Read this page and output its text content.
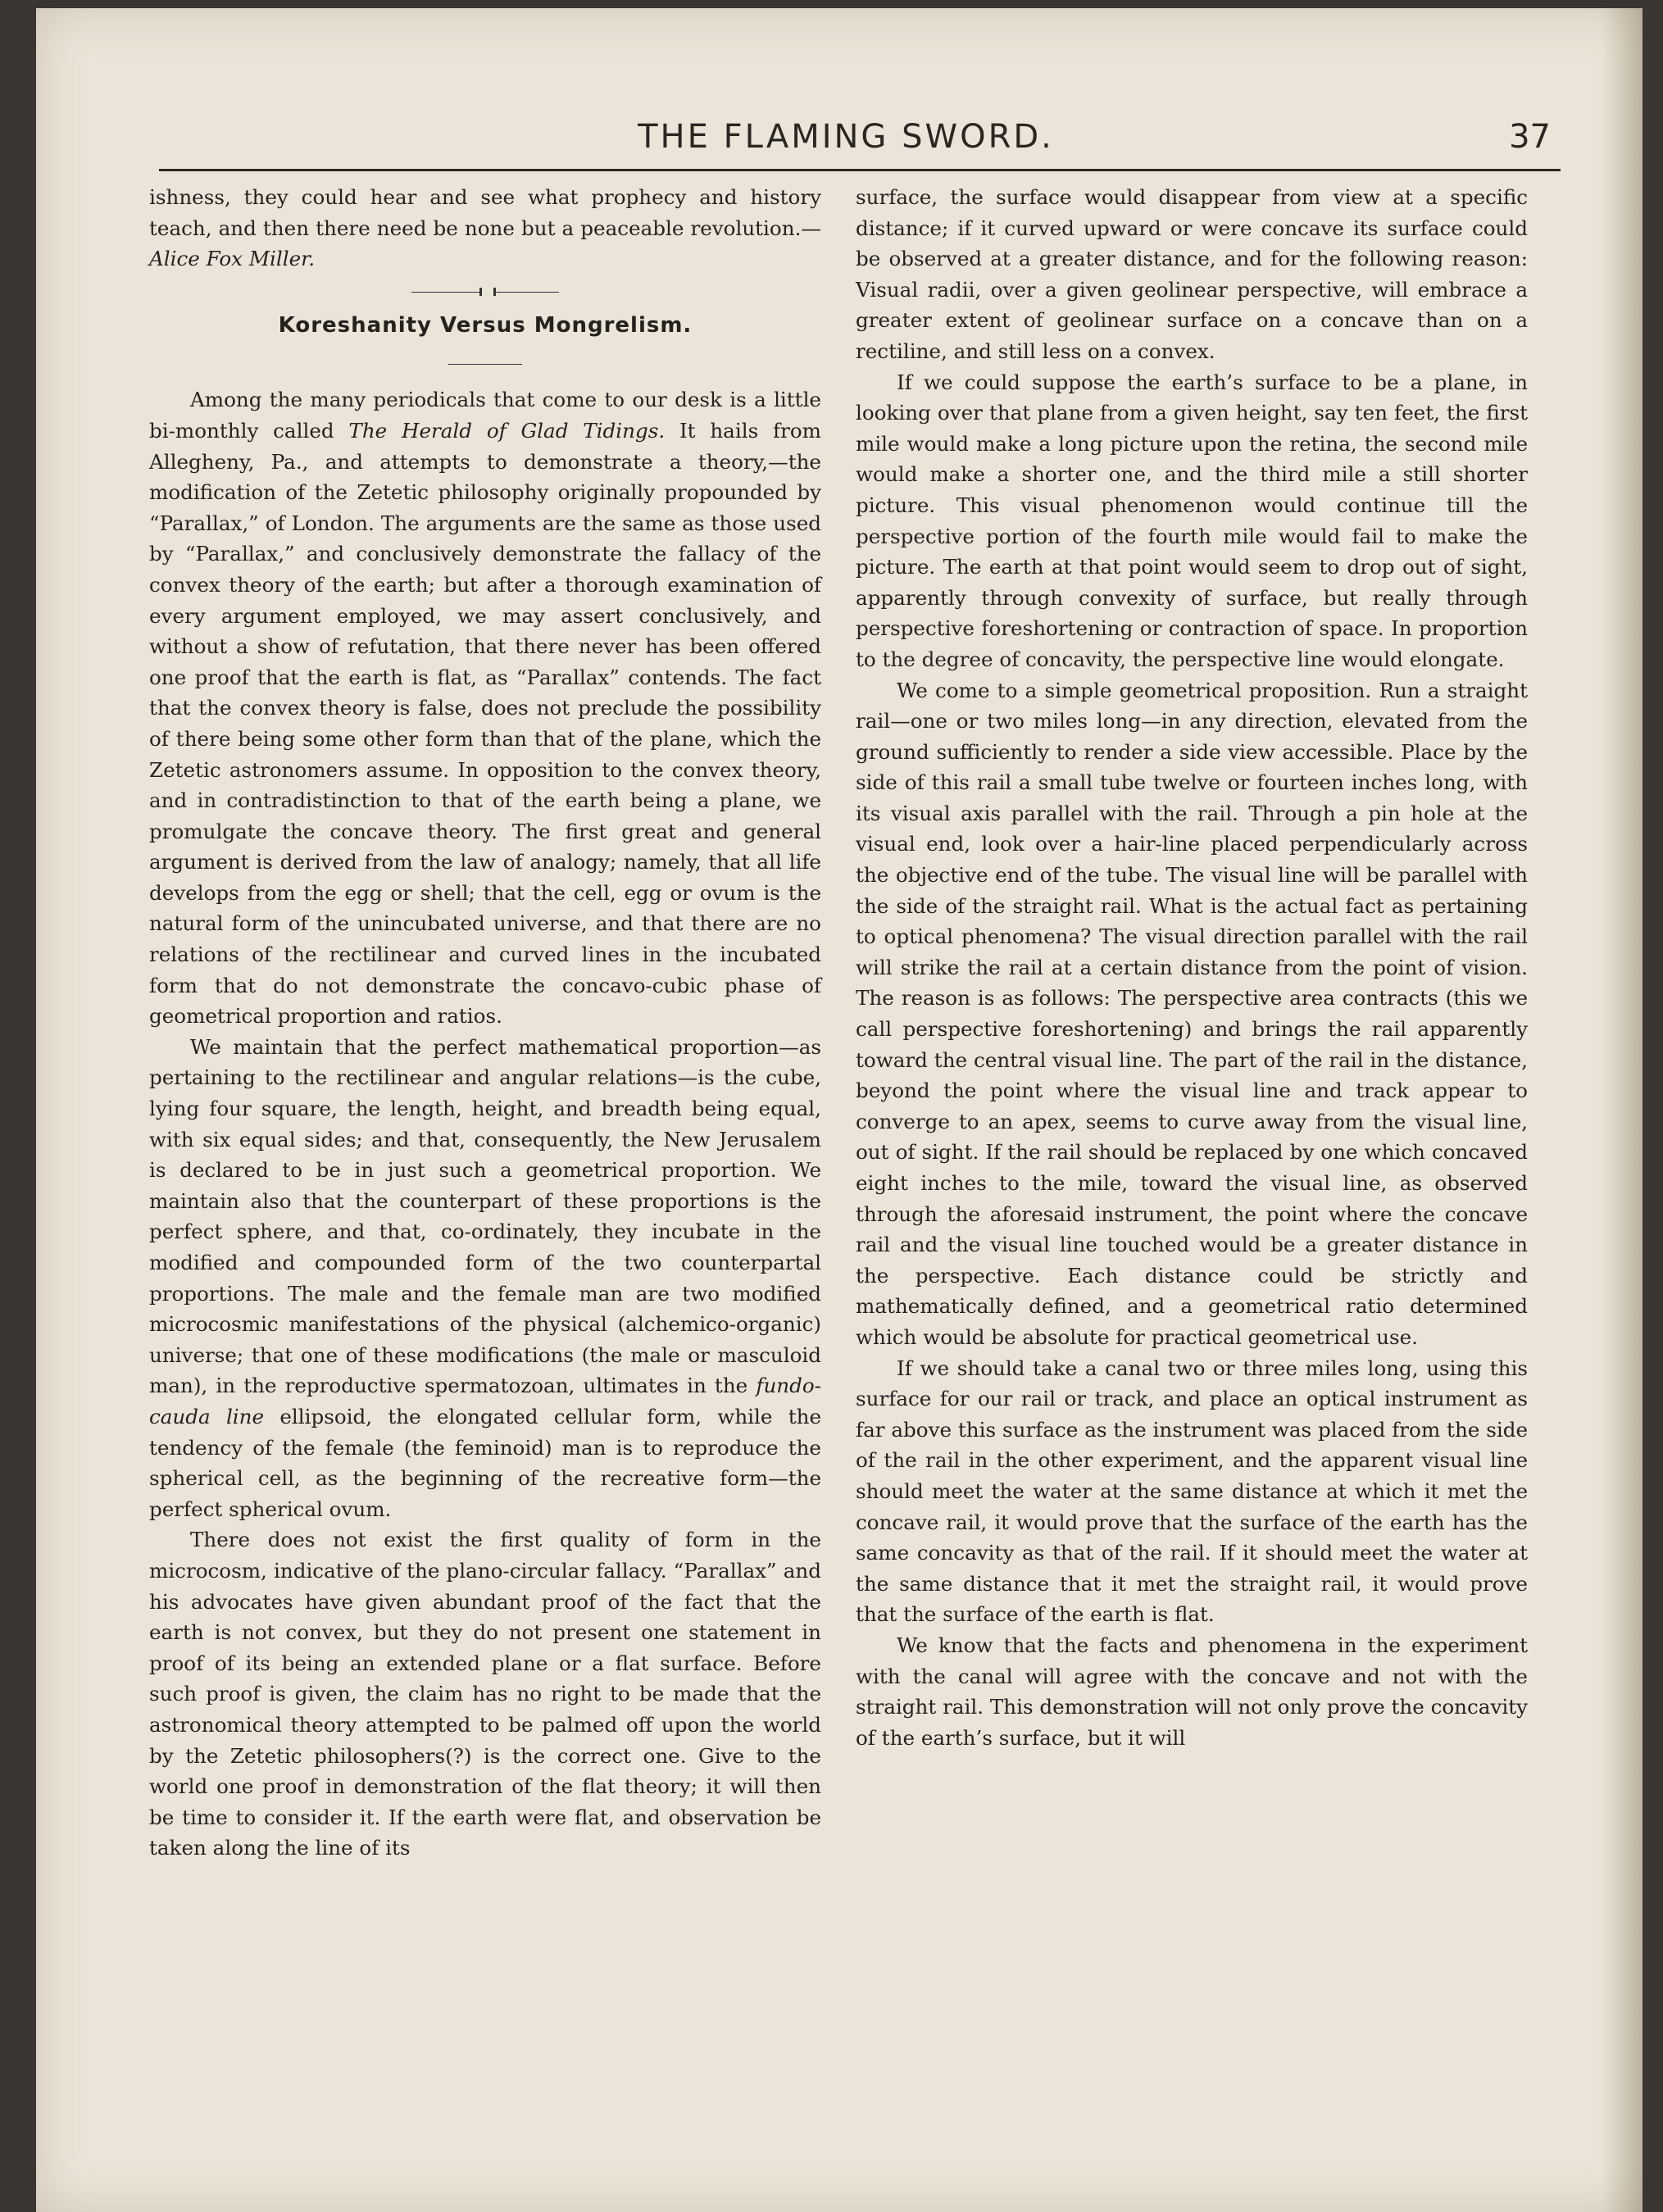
THE FLAMING SWORD.	37

ishness, they could hear and see what prophecy and history teach, and then there need be none but a peaceable revolution.—Alice Fox Miller.

Koreshanity Versus Mongrelism.

Among the many periodicals that come to our desk is a little bi-monthly called The Herald of Glad Tidings. It hails from Allegheny, Pa., and attempts to demonstrate a theory,—the modification of the Zetetic philosophy originally propounded by “Parallax,” of London. The arguments are the same as those used by “Parallax,” and conclusively demonstrate the fallacy of the convex theory of the earth; but after a thorough examination of every argument employed, we may assert conclusively, and without a show of refutation, that there never has been offered one proof that the earth is flat, as “Parallax” contends. The fact that the convex theory is false, does not preclude the possibility of there being some other form than that of the plane, which the Zetetic astronomers assume. In opposition to the convex theory, and in contradistinction to that of the earth being a plane, we promulgate the concave theory. The first great and general argument is derived from the law of analogy; namely, that all life develops from the egg or shell; that the cell, egg or ovum is the natural form of the unincubated universe, and that there are no relations of the rectilinear and curved lines in the incubated form that do not demonstrate the concavo-cubic phase of geometrical proportion and ratios.

We maintain that the perfect mathematical proportion—as pertaining to the rectilinear and angular relations—is the cube, lying four square, the length, height, and breadth being equal, with six equal sides; and that, consequently, the New Jerusalem is declared to be in just such a geometrical proportion. We maintain also that the counterpart of these proportions is the perfect sphere, and that, co-ordinately, they incubate in the modified and compounded form of the two counterpartal proportions. The male and the female man are two modified microcosmic manifestations of the physical (alchemico-organic) universe; that one of these modifications (the male or masculoid man), in the reproductive spermatozoan, ultimates in the fundo-cauda line ellipsoid, the elongated cellular form, while the tendency of the female (the feminoid) man is to reproduce the spherical cell, as the beginning of the recreative form—the perfect spherical ovum.

There does not exist the first quality of form in the microcosm, indicative of the plano-circular fallacy. “Parallax” and his advocates have given abundant proof of the fact that the earth is not convex, but they do not present one statement in proof of its being an extended plane or a flat surface. Before such proof is given, the claim has no right to be made that the astronomical theory attempted to be palmed off upon the world by the Zetetic philosophers(?) is the correct one. Give to the world one proof in demonstration of the flat theory; it will then be time to consider it. If the earth were flat, and observation be taken along the line of its

surface, the surface would disappear from view at a specific distance; if it curved upward or were concave its surface could be observed at a greater distance, and for the following reason: Visual radii, over a given geolinear perspective, will embrace a greater extent of geolinear surface on a concave than on a rectiline, and still less on a convex.

If we could suppose the earth’s surface to be a plane, in looking over that plane from a given height, say ten feet, the first mile would make a long picture upon the retina, the second mile would make a shorter one, and the third mile a still shorter picture. This visual phenomenon would continue till the perspective portion of the fourth mile would fail to make the picture. The earth at that point would seem to drop out of sight, apparently through convexity of surface, but really through perspective foreshortening or contraction of space. In proportion to the degree of concavity, the perspective line would elongate.

We come to a simple geometrical proposition. Run a straight rail—one or two miles long—in any direction, elevated from the ground sufficiently to render a side view accessible. Place by the side of this rail a small tube twelve or fourteen inches long, with its visual axis parallel with the rail. Through a pin hole at the visual end, look over a hair-line placed perpendicularly across the objective end of the tube. The visual line will be parallel with the side of the straight rail. What is the actual fact as pertaining to optical phenomena? The visual direction parallel with the rail will strike the rail at a certain distance from the point of vision. The reason is as follows: The perspective area contracts (this we call perspective foreshortening) and brings the rail apparently toward the central visual line. The part of the rail in the distance, beyond the point where the visual line and track appear to converge to an apex, seems to curve away from the visual line, out of sight. If the rail should be replaced by one which concaved eight inches to the mile, toward the visual line, as observed through the aforesaid instrument, the point where the concave rail and the visual line touched would be a greater distance in the perspective. Each distance could be strictly and mathematically defined, and a geometrical ratio determined which would be absolute for practical geometrical use.

If we should take a canal two or three miles long, using this surface for our rail or track, and place an optical instrument as far above this surface as the instrument was placed from the side of the rail in the other experiment, and the apparent visual line should meet the water at the same distance at which it met the concave rail, it would prove that the surface of the earth has the same concavity as that of the rail. If it should meet the water at the same distance that it met the straight rail, it would prove that the surface of the earth is flat.

We know that the facts and phenomena in the experiment with the canal will agree with the concave and not with the straight rail. This demonstration will not only prove the concavity of the earth’s surface, but it will
